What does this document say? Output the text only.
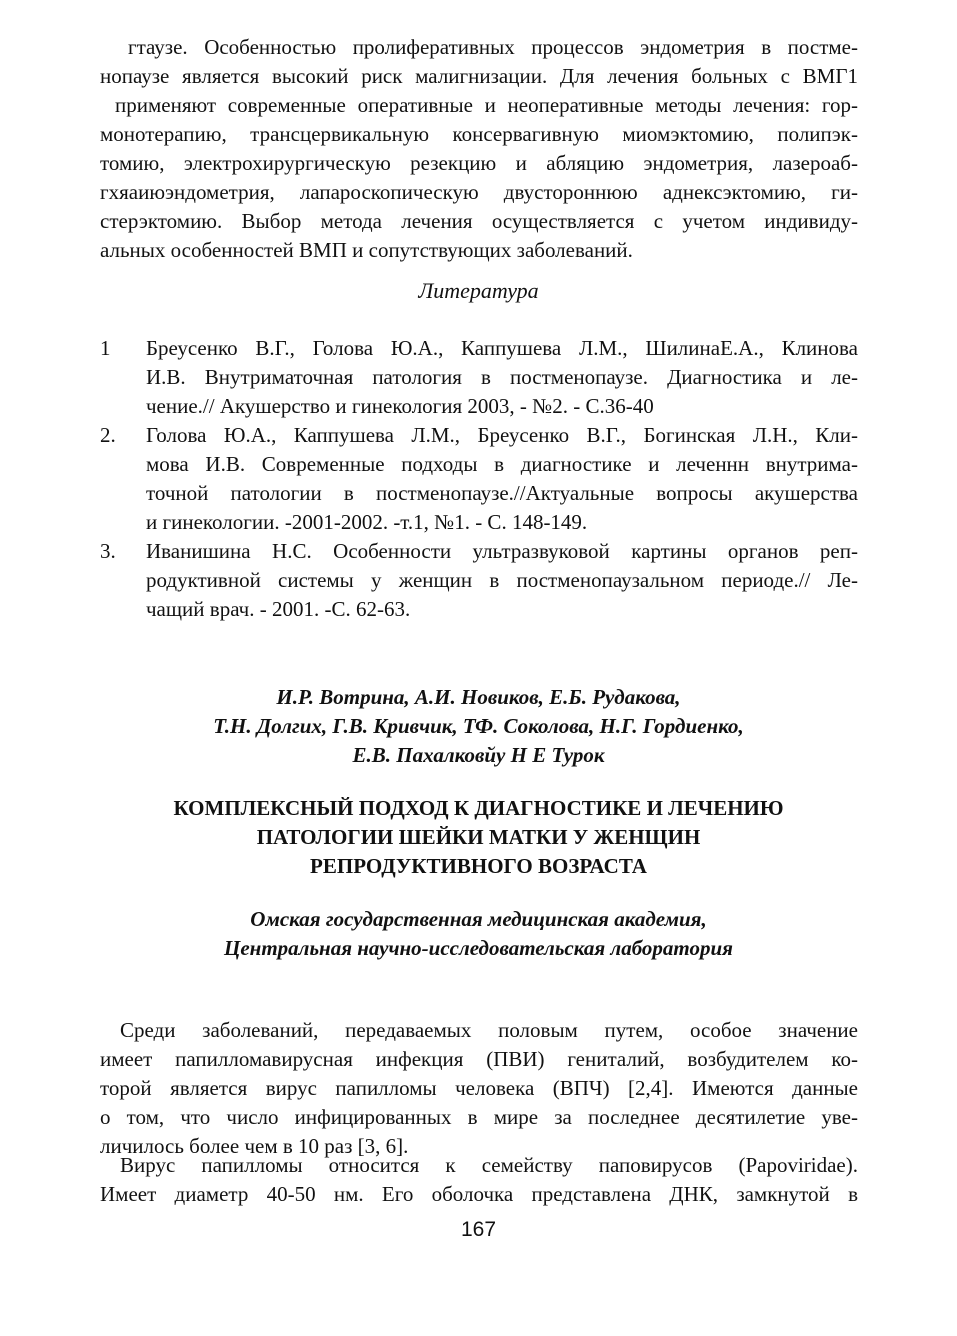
гтаузе. Особенностью пролиферативных процессов эндометрия в постме-
нопаузе является высокий риск малигнизации. Для лечения больных с ВМГ1
применяют современные оперативные и неоперативные методы лечения: гор-
монотерапию, трансцервикальную консервагивную миомэктомию, полипэк-
томию, электрохирургическую резекцию и абляцию эндометрия, лазероаб-
гхяаиюэндометрия, лапароскопическую двустороннюю аднексэктомию, ги-
стерэктомию. Выбор метода лечения осуществляется с учетом индивиду-
альных особенностей ВМП и сопутствующих заболеваний.
Литература
1 Бреусенко В.Г., Голова Ю.А., Каппушева Л.М., ШилинаЕ.А., Клинова
И.В. Внутриматочная патология в постменопаузе. Диагностика и ле-
чение.// Акушерство и гинекология 2003, - №2. - С.36-40
2. Голова Ю.А., Каппушева Л.М., Бреусенко В.Г., Богинская Л.Н., Кли-
мова И.В. Современные подходы в диагностике и леченнн внутрима-
точной патологии в постменопаузе.//Актуальные вопросы акушерства
и гинекологии. -2001-2002. -т.1, №1. - С. 148-149.
3. Иванишина Н.С. Особенности ультразвуковой картины органов реп-
родуктивной системы у женщин в постменопаузальном периоде.// Ле-
чащий врач. - 2001. -С. 62-63.
И.Р. Вотрина, А.И. Новиков, Е.Б. Рудакова,
Т.Н. Долгих, Г.В. Кривчик, ТФ. Соколова, Н.Г. Гордиенко,
Е.В. Пахалковйу Н Е Турок
КОМПЛЕКСНЫЙ ПОДХОД К ДИАГНОСТИКЕ И ЛЕЧЕНИЮ
ПАТОЛОГИИ ШЕЙКИ МАТКИ У ЖЕНЩИН
РЕПРОДУКТИВНОГО ВОЗРАСТА
Омская государственная медицинская академия,
Центральная научно-исследовательская лаборатория
Среди заболеваний, передаваемых половым путем, особое значение
имеет папилломавирусная инфекция (ПВИ) гениталий, возбудителем ко-
торой является вирус папилломы человека (ВПЧ) [2,4]. Имеются данные
о том, что число инфицированных в мире за последнее десятилетие уве-
личилось более чем в 10 раз [3, 6].
Вирус папилломы относится к семейству паповирусов (Papoviridae).
Имеет диаметр 40-50 нм. Его оболочка представлена ДНК, замкнутой в
167
